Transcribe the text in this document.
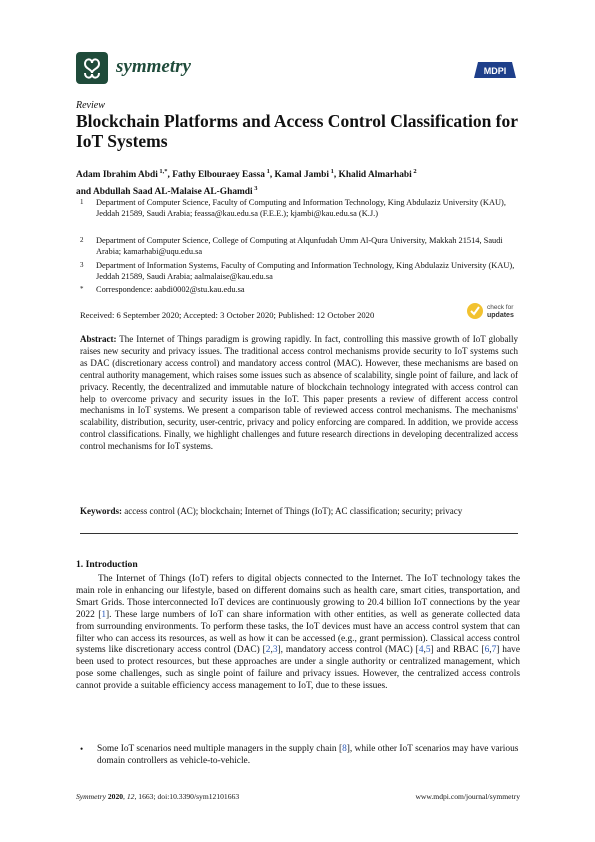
symmetry	MDPI
Review
Blockchain Platforms and Access Control Classification for IoT Systems
Adam Ibrahim Abdi $^{1,*}$, Fathy Elbouraey Eassa $^1$, Kamal Jambi $^1$, Khalid Almarhabi $^2$
and Abdullah Saad AL-Malaise AL-Ghamdi $^3$
1	Department of Computer Science, Faculty of Computing and Information Technology, King Abdulaziz University (KAU), Jeddah 21589, Saudi Arabia; feassa@kau.edu.sa (F.E.E.); kjambi@kau.edu.sa (K.J.)
2	Department of Computer Science, College of Computing at Alqunfudah Umm Al-Qura University, Makkah 21514, Saudi Arabia; kamarhabi@uqu.edu.sa
3	Department of Information Systems, Faculty of Computing and Information Technology, King Abdulaziz University (KAU), Jeddah 21589, Saudi Arabia; aalmalaise@kau.edu.sa
*	Correspondence: aabdi0002@stu.kau.edu.sa
Received: 6 September 2020; Accepted: 3 October 2020; Published: 12 October 2020
check for
updates
Abstract: The Internet of Things paradigm is growing rapidly. In fact, controlling this massive growth of IoT globally raises new security and privacy issues. The traditional access control mechanisms provide security to IoT systems such as DAC (discretionary access control) and mandatory access control (MAC). However, these mechanisms are based on central authority management, which raises some issues such as absence of scalability, single point of failure, and lack of privacy. Recently, the decentralized and immutable nature of blockchain technology integrated with access control can help to overcome privacy and security issues in the IoT. This paper presents a review of different access control mechanisms in IoT systems. We present a comparison table of reviewed access control mechanisms. The mechanisms' scalability, distribution, security, user-centric, privacy and policy enforcing are compared. In addition, we provide access control classifications. Finally, we highlight challenges and future research directions in developing decentralized access control mechanisms for IoT systems.
Keywords: access control (AC); blockchain; Internet of Things (IoT); AC classification; security; privacy
1. Introduction
The Internet of Things (IoT) refers to digital objects connected to the Internet. The IoT technology takes the main role in enhancing our lifestyle, based on different domains such as health care, smart cities, transportation, and Smart Grids. Those interconnected IoT devices are continuously growing to 20.4 billion IoT connections by the year 2022 [1]. These large numbers of IoT can share information with other entities, as well as generate collected data from surrounding environments. To perform these tasks, the IoT devices must have an access control system that can filter who can access its resources, as well as how it can be accessed (e.g., grant permission). Classical access control systems like discretionary access control (DAC) [2,3], mandatory access control (MAC) [4,5] and RBAC [6,7] have been used to protect resources, but these approaches are under a single authority or centralized management, which pose some challenges, such as single point of failure and privacy issues. However, the centralized access controls cannot provide a suitable efficiency access management to IoT, due to these issues.
• Some IoT scenarios need multiple managers in the supply chain [8], while other IoT scenarios may have various domain controllers as vehicle-to-vehicle.
Symmetry 2020, 12, 1663; doi:10.3390/sym12101663	www.mdpi.com/journal/symmetry
